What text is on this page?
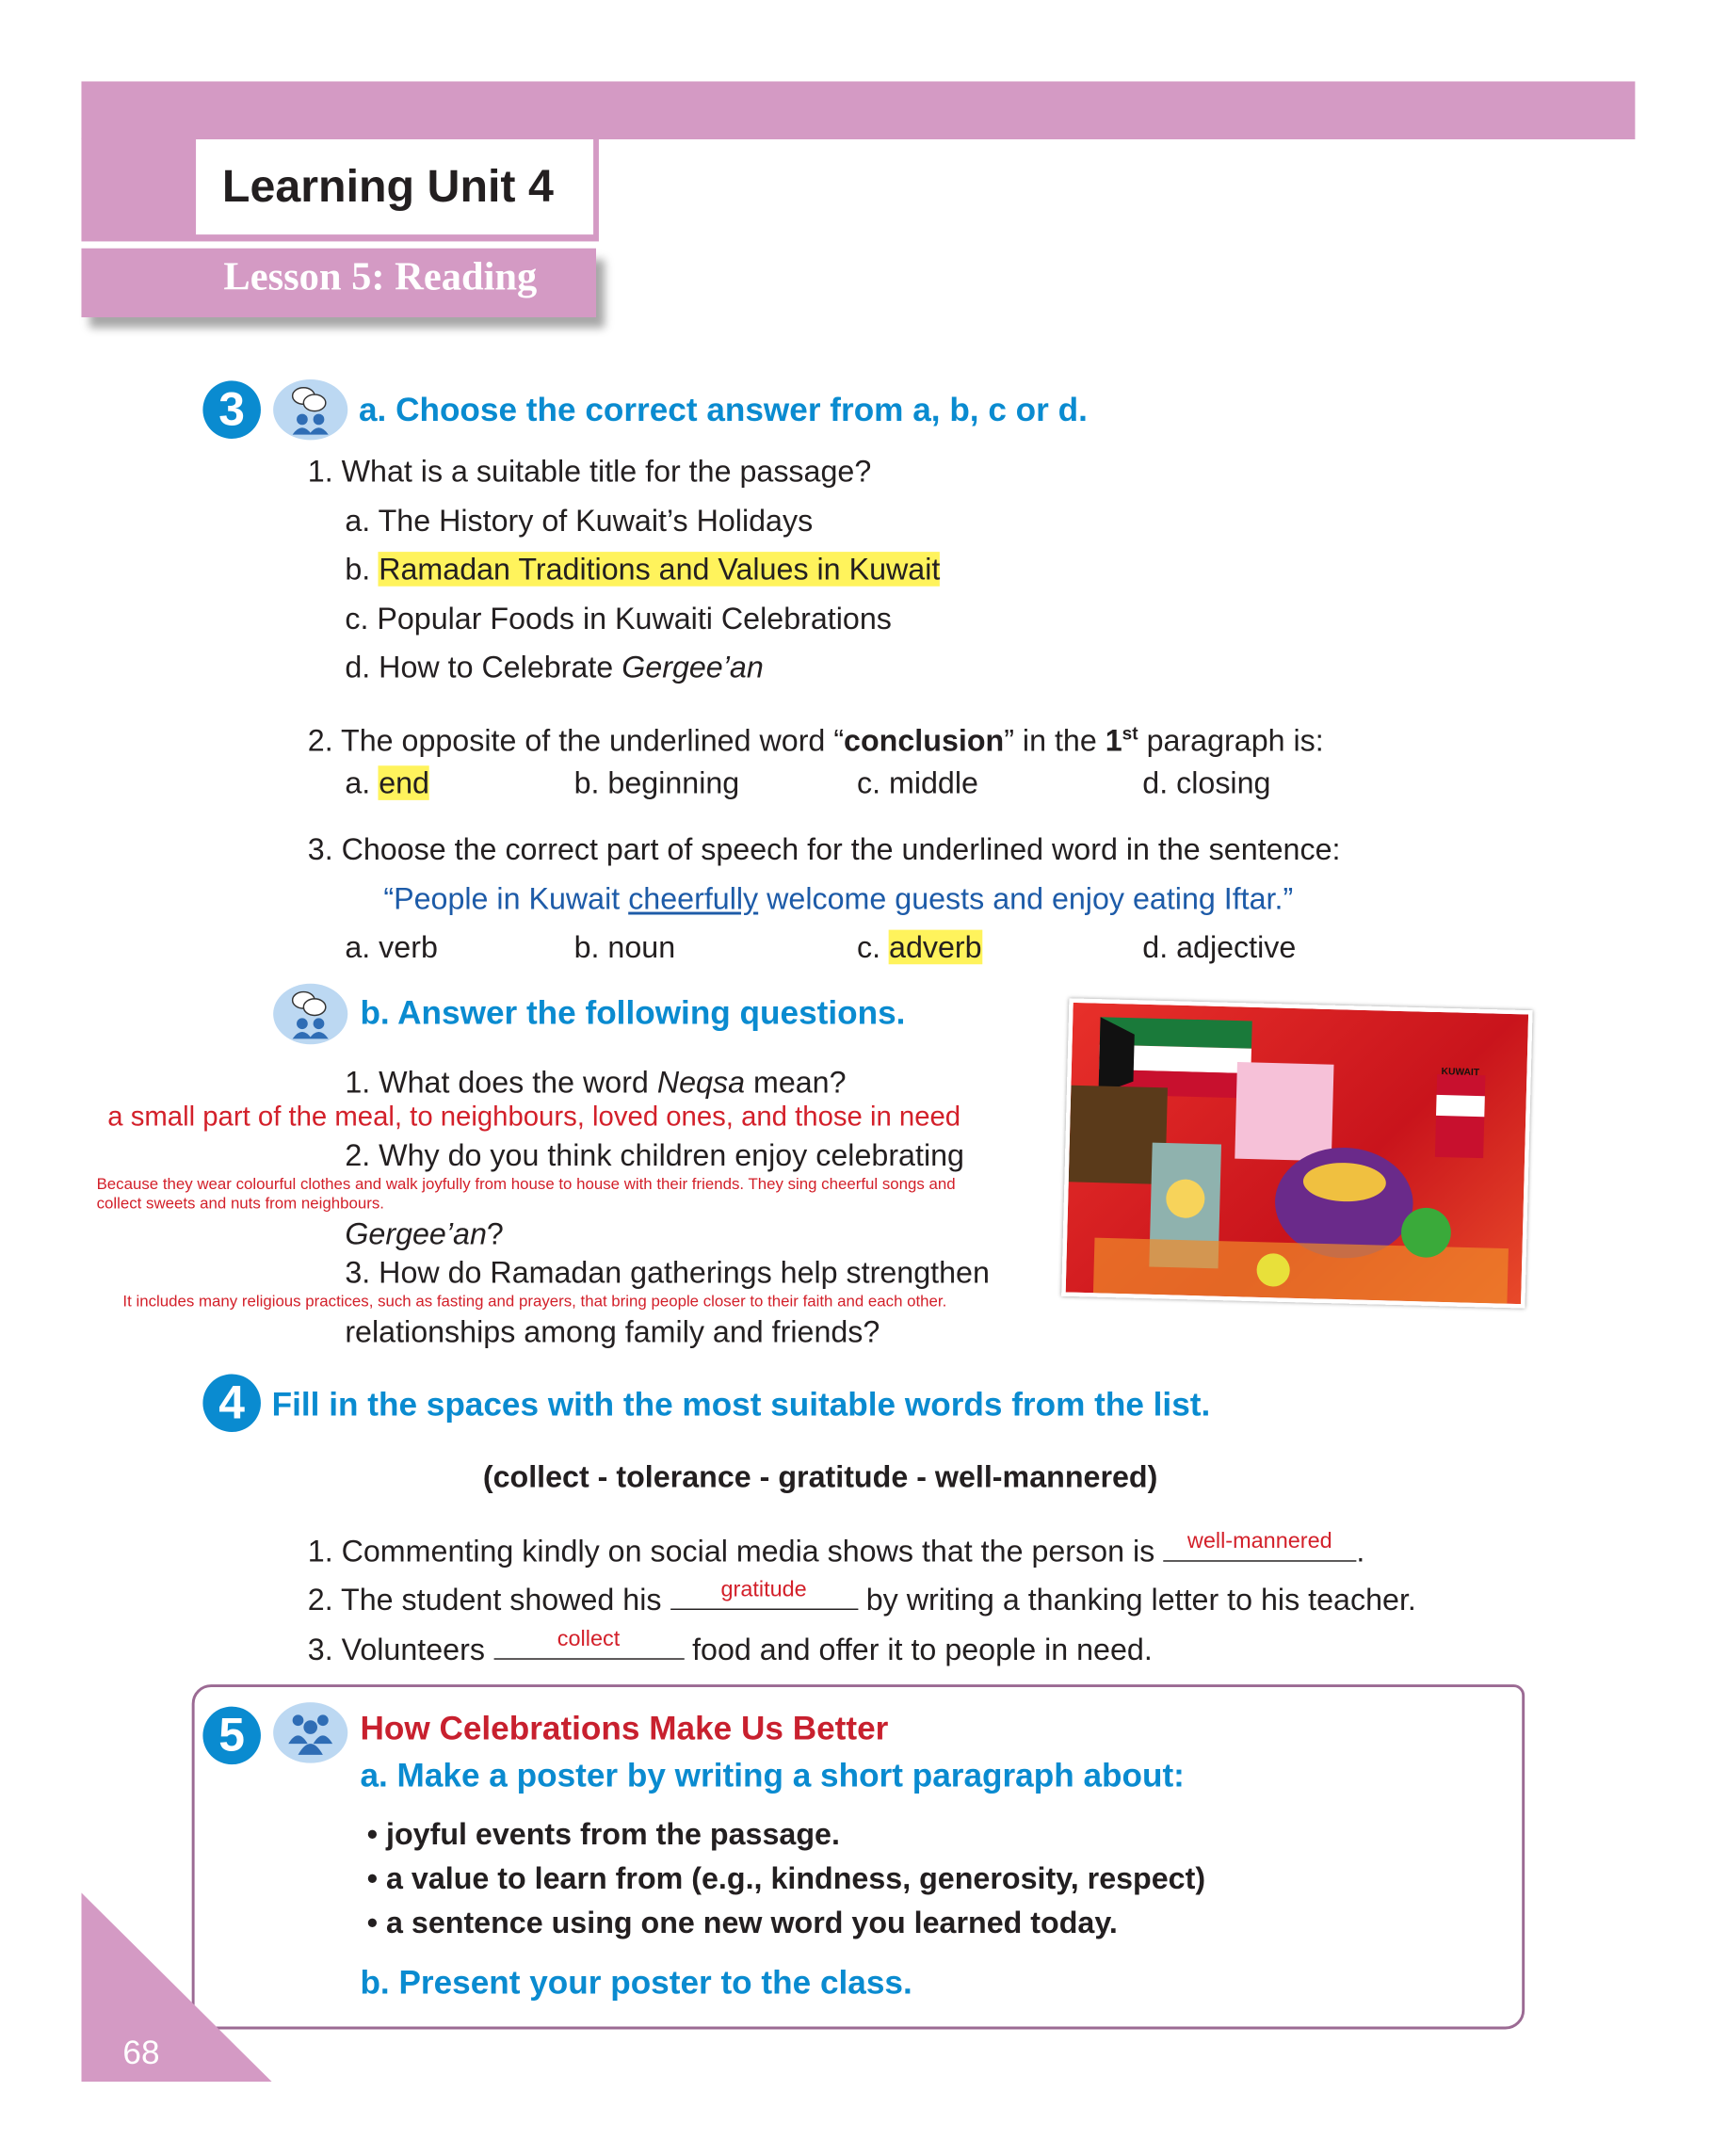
Learning Unit 4
Lesson 5: Reading
3	a. Choose the correct answer from a, b, c or d.
1. What is a suitable title for the passage?
a. The History of Kuwait’s Holidays
b. Ramadan Traditions and Values in Kuwait
c. Popular Foods in Kuwaiti Celebrations
d. How to Celebrate Gergee’an
2. The opposite of the underlined word “conclusion” in the 1st paragraph is:
a. end	b. beginning	c. middle	d. closing
3. Choose the correct part of speech for the underlined word in the sentence:
“People in Kuwait cheerfully welcome guests and enjoy eating Iftar.”
a. verb	b. noun	c. adverb	d. adjective
b. Answer the following questions.
1. What does the word Neqsa mean?
a small part of the meal, to neighbours, loved ones, and those in need
2. Why do you think children enjoy celebrating
Because they wear colourful clothes and walk joyfully from house to house with their friends. They sing cheerful songs and
collect sweets and nuts from neighbours.
Gergee’an?
3. How do Ramadan gatherings help strengthen
It includes many religious practices, such as fasting and prayers, that bring people closer to their faith and each other.
relationships among family and friends?
KUWAIT
4	Fill in the spaces with the most suitable words from the list.
(collect - tolerance - gratitude - well-mannered)
1. Commenting kindly on social media shows that the person is	well-mannered	.
2. The student showed his	gratitude	by writing a thanking letter to his teacher.
3. Volunteers	collect	food and offer it to people in need.
5	How Celebrations Make Us Better
a. Make a poster by writing a short paragraph about:
• joyful events from the passage.
• a value to learn from (e.g., kindness, generosity, respect)
• a sentence using one new word you learned today.
b. Present your poster to the class.
68
